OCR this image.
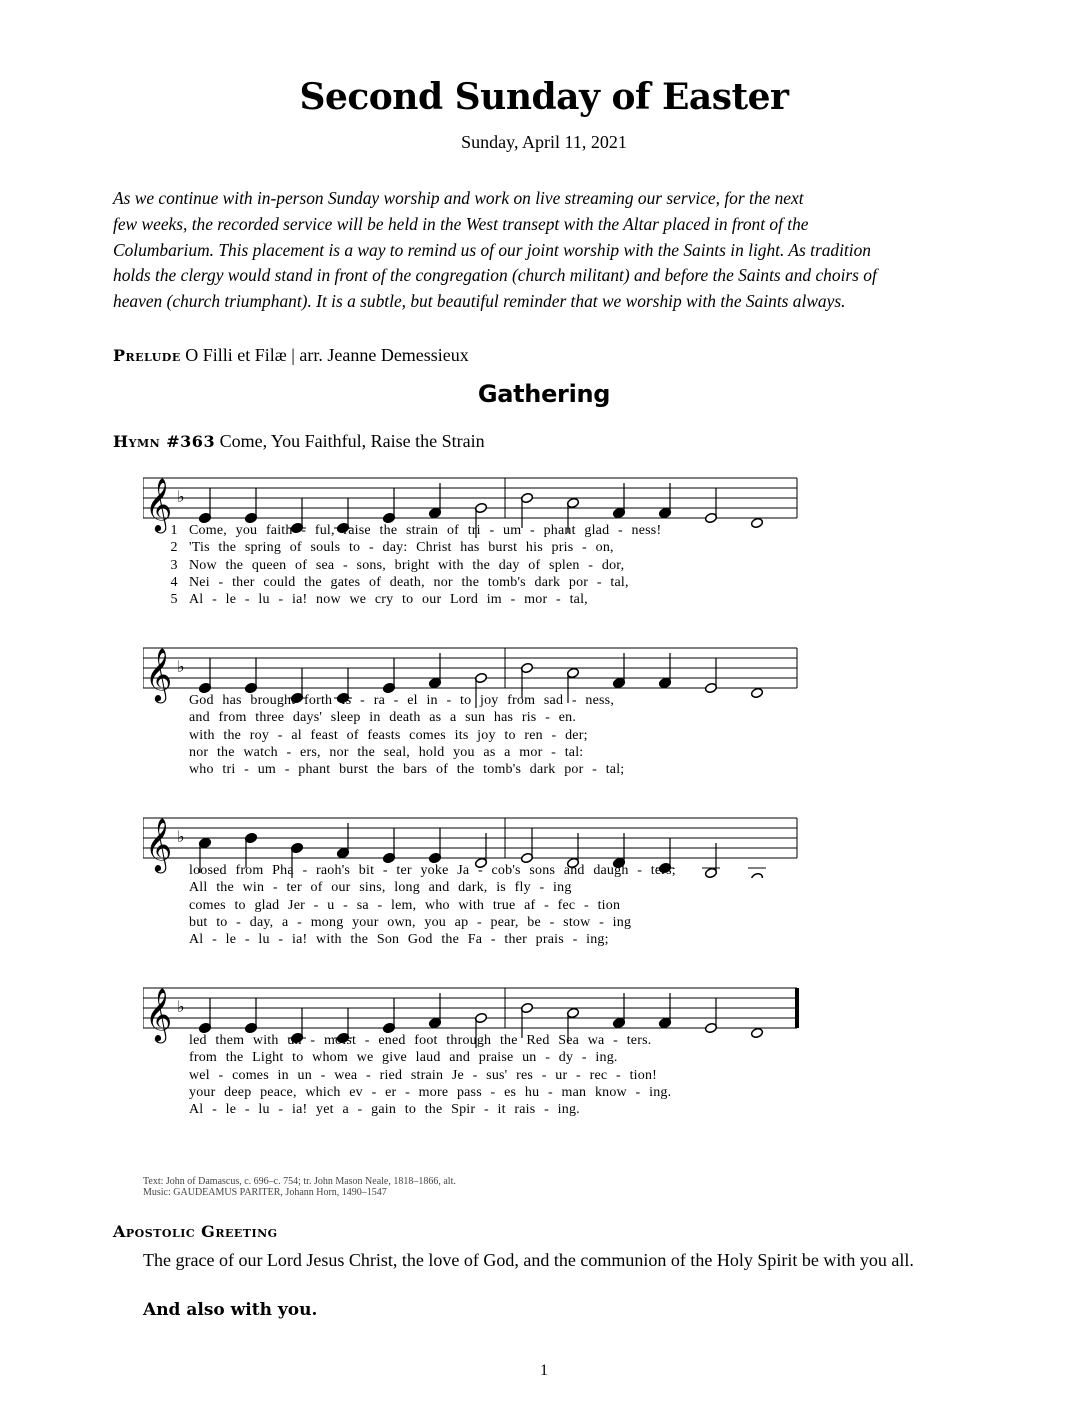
Second Sunday of Easter
Sunday, April 11, 2021
As we continue with in-person Sunday worship and work on live streaming our service, for the next
few weeks, the recorded service will be held in the West transept with the Altar placed in front of the
Columbarium. This placement is a way to remind us of our joint worship with the Saints in light. As tradition
holds the clergy would stand in front of the congregation (church militant) and before the Saints and choirs of
heaven (church triumphant). It is a subtle, but beautiful reminder that we worship with the Saints always.
Prelude O Filli et Filæ | arr. Jeanne Demessieux
Gathering
Hymn #363 Come, You Faithful, Raise the Strain
𝄞 ♭
1 Come, you faith - ful, raise the strain of tri - um - phant glad - ness!
2 'Tis the spring of souls to - day: Christ has burst his pris - on,
3 Now the queen of sea - sons, bright with the day of splen - dor,
4 Nei - ther could the gates of death, nor the tomb's dark por - tal,
5 Al - le - lu - ia! now we cry to our Lord im - mor - tal,
𝄞 ♭
God has brought forth Is - ra - el in - to joy from sad - ness,
and from three days' sleep in death as a sun has ris - en.
with the roy - al feast of feasts comes its joy to ren - der;
nor the watch - ers, nor the seal, hold you as a mor - tal:
who tri - um - phant burst the bars of the tomb's dark por - tal;
𝄞 ♭
loosed from Pha - raoh's bit - ter yoke Ja - cob's sons and daugh - ters;
All the win - ter of our sins, long and dark, is fly - ing
comes to glad Jer - u - sa - lem, who with true af - fec - tion
but to - day, a - mong your own, you ap - pear, be - stow - ing
Al - le - lu - ia! with the Son God the Fa - ther prais - ing;
𝄞 ♭
led them with un - moist - ened foot through the Red Sea wa - ters.
from the Light to whom we give laud and praise un - dy - ing.
wel - comes in un - wea - ried strain Je - sus' res - ur - rec - tion!
your deep peace, which ev - er - more pass - es hu - man know - ing.
Al - le - lu - ia! yet a - gain to the Spir - it rais - ing.
Text: John of Damascus, c. 696–c. 754; tr. John Mason Neale, 1818–1866, alt.
Music: GAUDEAMUS PARITER, Johann Horn, 1490–1547
Apostolic Greeting
The grace of our Lord Jesus Christ, the love of God, and the communion of the Holy Spirit be with you all.
And also with you.
1
